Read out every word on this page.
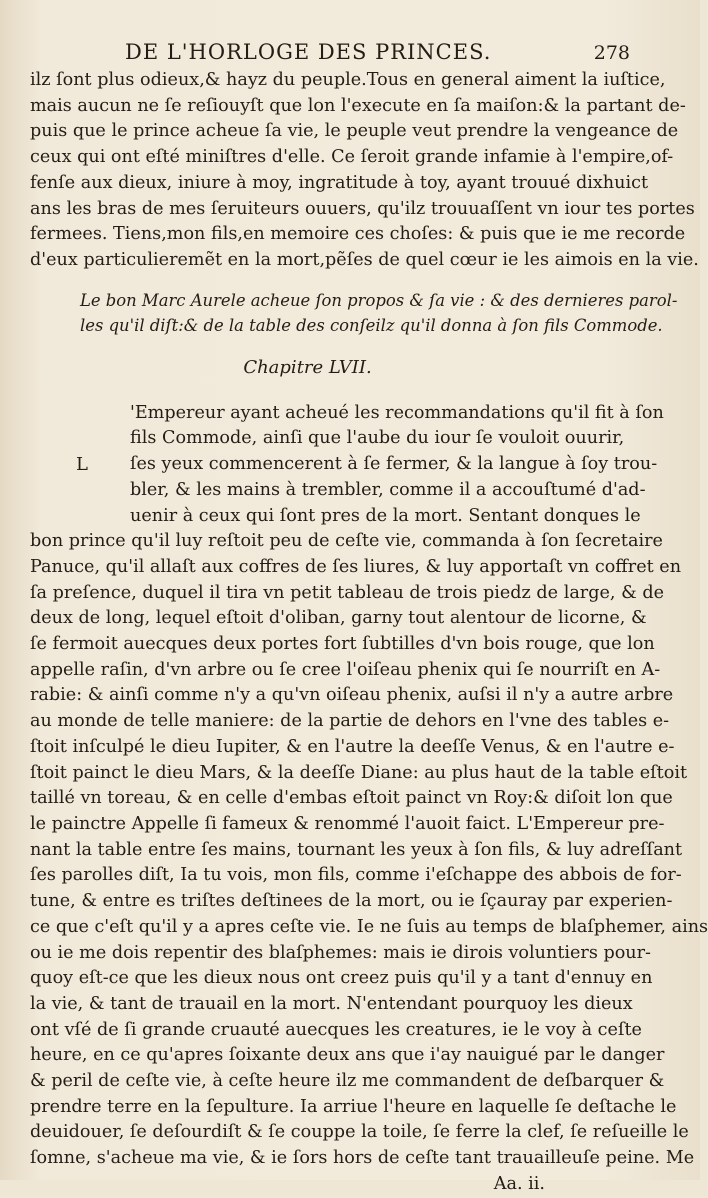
DE L'HORLOGE DES PRINCES.	278
ilz ſont plus odieux,& hayz du peuple.Tous en general aiment la iuſtice,
mais aucun ne ſe reſiouyſt que lon l'execute en ſa maiſon:& la partant de-
puis que le prince acheue ſa vie, le peuple veut prendre la vengeance de
ceux qui ont eſté miniſtres d'elle. Ce ſeroit grande infamie à l'empire,of-
fenſe aux dieux, iniure à moy, ingratitude à toy, ayant trouué dixhuict
ans les bras de mes ſeruiteurs ouuers, qu'ilz trouuaſſent vn iour tes portes
fermees. Tiens,mon fils,en memoire ces choſes: & puis que ie me recorde
d'eux particulieremẽt en la mort,pẽſes de quel cœur ie les aimois en la vie.
Le bon Marc Aurele acheue ſon propos & ſa vie : & des dernieres parol-
les qu'il diſt:& de la table des conſeilz qu'il donna à ſon fils Commode.
Chapitre LVII.
'Empereur ayant acheué les recommandations qu'il fit à ſon
fils Commode, ainſi que l'aube du iour ſe vouloit ouurir,
L ſes yeux commencerent à ſe fermer, & la langue à ſoy trou-
bler, & les mains à trembler, comme il a accouſtumé d'ad-
uenir à ceux qui ſont pres de la mort. Sentant donques le
bon prince qu'il luy reſtoit peu de ceſte vie, commanda à ſon ſecretaire
Panuce, qu'il allaſt aux coffres de ſes liures, & luy apportaſt vn coffret en
ſa preſence, duquel il tira vn petit tableau de trois piedz de large, & de
deux de long, lequel eſtoit d'oliban, garny tout alentour de licorne, &
ſe fermoit auecques deux portes fort ſubtilles d'vn bois rouge, que lon
appelle raſin, d'vn arbre ou ſe cree l'oiſeau phenix qui ſe nourriſt en A-
rabie: & ainſi comme n'y a qu'vn oiſeau phenix, auſsi il n'y a autre arbre
au monde de telle maniere: de la partie de dehors en l'vne des tables e-
ſtoit inſculpé le dieu Iupiter, & en l'autre la deeſſe Venus, & en l'autre e-
ſtoit painct le dieu Mars, & la deeſſe Diane: au plus haut de la table eſtoit
taillé vn toreau, & en celle d'embas eſtoit painct vn Roy:& diſoit lon que
le painctre Appelle ſi fameux & renommé l'auoit faict. L'Empereur pre-
nant la table entre ſes mains, tournant les yeux à ſon fils, & luy adreſſant
ſes parolles diſt, Ia tu vois, mon fils, comme i'eſchappe des abbois de for-
tune, & entre es triſtes deſtinees de la mort, ou ie ſçauray par experien-
ce que c'eſt qu'il y a apres ceſte vie. Ie ne ſuis au temps de blaſphemer, ains
ou ie me dois repentir des blaſphemes: mais ie dirois voluntiers pour-
quoy eſt-ce que les dieux nous ont creez puis qu'il y a tant d'ennuy en
la vie, & tant de trauail en la mort. N'entendant pourquoy les dieux
ont vſé de ſi grande cruauté auecques les creatures, ie le voy à ceſte
heure, en ce qu'apres ſoixante deux ans que i'ay nauigué par le danger
& peril de ceſte vie, à ceſte heure ilz me commandent de deſbarquer &
prendre terre en la ſepulture. Ia arriue l'heure en laquelle ſe deſtache le
deuidouer, ſe deſourdiſt & ſe couppe la toile, ſe ferre la clef, ſe reſueille le
ſomne, s'acheue ma vie, & ie ſors hors de ceſte tant trauailleuſe peine. Me
Aa. ii.
